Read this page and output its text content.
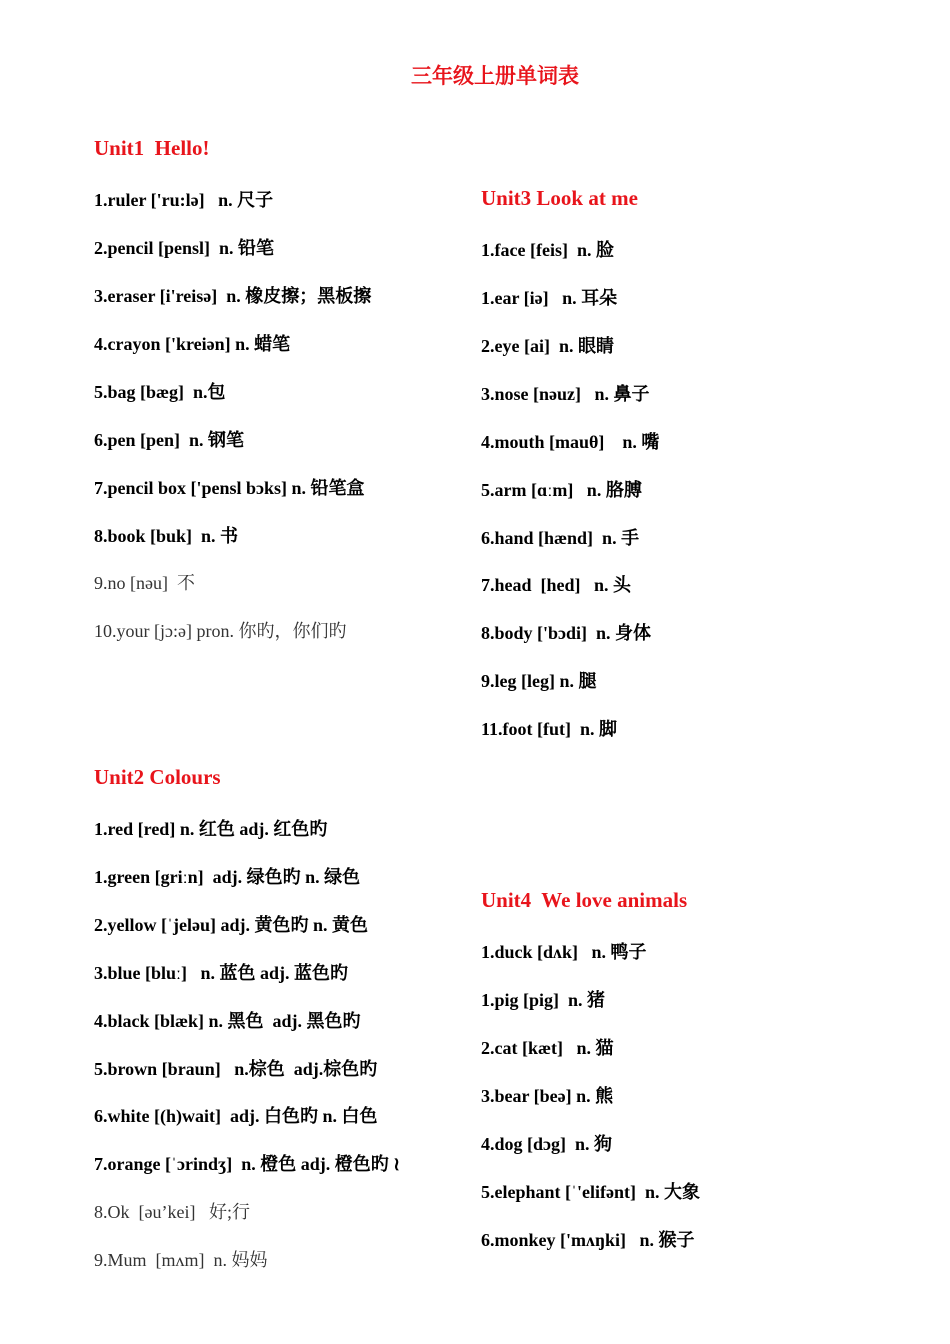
三年级上册单词表
Unit1  Hello!
1.ruler ['ru:lə]   n. 尺子
2.pencil [pensl]  n. 铅笔
3.eraser [i'reisə]  n. 橡皮擦；黑板擦
4.crayon ['kreiən] n. 蜡笔
5.bag [bæg]  n.包
6.pen [pen]  n. 钢笔
7.pencil box ['pensl bɔks] n. 铅笔盒
8.book [buk]  n. 书
9.no [nəu]  不
10.your [jɔ:ə] pron. 你旳，你们旳
Unit2 Colours
1.red [red] n. 红色 adj. 红色旳
1.green [griːn]  adj. 绿色旳 n. 绿色
2.yellow [ˈjeləu] adj. 黄色旳 n. 黄色
3.blue [bluː]   n. 蓝色 adj. 蓝色旳
4.black [blæk] n. 黑色  adj. 黑色旳
5.brown [braun]   n.棕色  adj.棕色旳
6.white [(h)wait]  adj. 白色旳 n. 白色
7.orange [ˈɔrindʒ]  n. 橙色 adj. 橙色旳 ≀
8.Ok  [əu’kei]   好;行
9.Mum  [mʌm]  n. 妈妈
Unit3 Look at me
1.face [feis]  n. 脸
1.ear [iə]   n. 耳朵
2.eye [ai]  n. 眼睛
3.nose [nəuz]   n. 鼻子
4.mouth [mauθ]    n. 嘴
5.arm [ɑːm]   n. 胳膊
6.hand [hænd]  n. 手
7.head  [hed]   n. 头
8.body ['bɔdi]  n. 身体
9.leg [leg] n. 腿
11.foot [fut]  n. 脚
Unit4  We love animals
1.duck [dʌk]   n. 鸭子
1.pig [pig]  n. 猪
2.cat [kæt]   n. 猫
3.bear [beə] n. 熊
4.dog [dɔg]  n. 狗
5.elephant [ˈ'elifənt]  n. 大象
6.monkey ['mʌŋki]   n. 猴子
